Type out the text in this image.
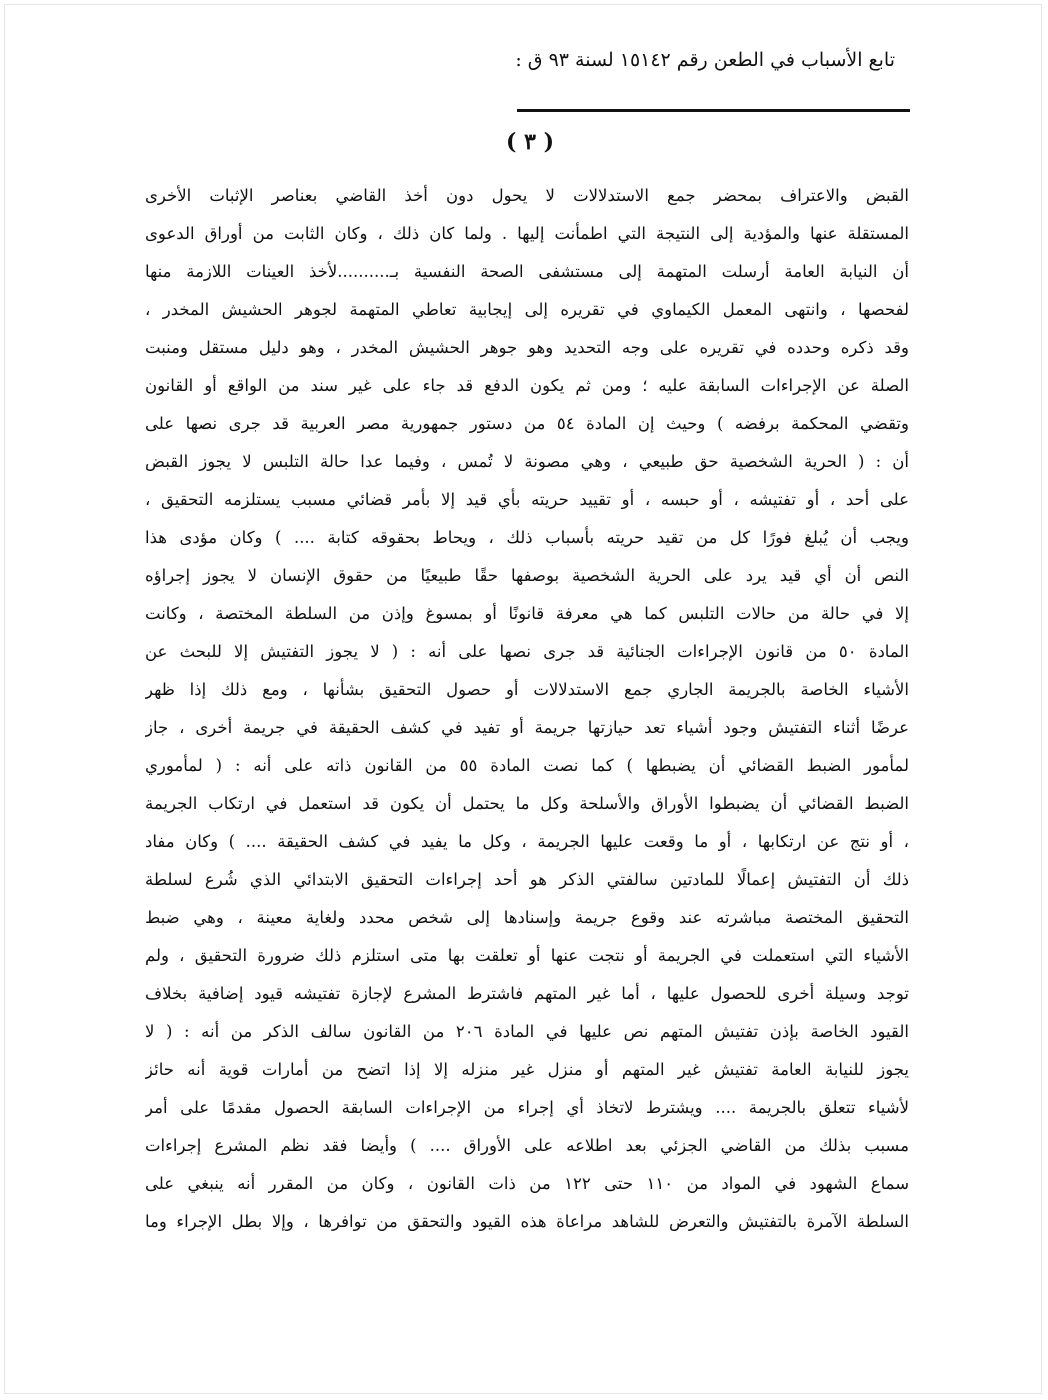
تابع الأسباب في الطعن رقم ١٥١٤٢ لسنة ٩٣ ق :
( ٣ )
القبض والاعتراف بمحضر جمع الاستدلالات لا يحول دون أخذ القاضي بعناصر الإثبات الأخرى
المستقلة عنها والمؤدية إلى النتيجة التي اطمأنت إليها . ولما كان ذلك ، وكان الثابت من أوراق الدعوى
أن النيابة العامة أرسلت المتهمة إلى مستشفى الصحة النفسية بـ..........لأخذ العينات اللازمة منها
لفحصها ، وانتهى المعمل الكيماوي في تقريره إلى إيجابية تعاطي المتهمة لجوهر الحشيش المخدر ،
وقد ذكره وحدده في تقريره على وجه التحديد وهو جوهر الحشيش المخدر ، وهو دليل مستقل ومنبت
الصلة عن الإجراءات السابقة عليه ؛ ومن ثم يكون الدفع قد جاء على غير سند من الواقع أو القانون
وتقضي المحكمة برفضه ) وحيث إن المادة ٥٤ من دستور جمهورية مصر العربية قد جرى نصها على
أن : ( الحرية الشخصية حق طبيعي ، وهي مصونة لا تُمس ، وفيما عدا حالة التلبس لا يجوز القبض
على أحد ، أو تفتيشه ، أو حبسه ، أو تقييد حريته بأي قيد إلا بأمر قضائي مسبب يستلزمه التحقيق ،
ويجب أن يُبلغ فورًا كل من تقيد حريته بأسباب ذلك ، ويحاط بحقوقه كتابة .... ) وكان مؤدى هذا
النص أن أي قيد يرد على الحرية الشخصية بوصفها حقًا طبيعيًا من حقوق الإنسان لا يجوز إجراؤه
إلا في حالة من حالات التلبس كما هي معرفة قانونًا أو بمسوغ وإذن من السلطة المختصة ، وكانت
المادة ٥٠ من قانون الإجراءات الجنائية قد جرى نصها على أنه : ( لا يجوز التفتيش إلا للبحث عن
الأشياء الخاصة بالجريمة الجاري جمع الاستدلالات أو حصول التحقيق بشأنها ، ومع ذلك إذا ظهر
عرضًا أثناء التفتيش وجود أشياء تعد حيازتها جريمة أو تفيد في كشف الحقيقة في جريمة أخرى ، جاز
لمأمور الضبط القضائي أن يضبطها ) كما نصت المادة ٥٥ من القانون ذاته على أنه : ( لمأموري
الضبط القضائي أن يضبطوا الأوراق والأسلحة وكل ما يحتمل أن يكون قد استعمل في ارتكاب الجريمة
، أو نتج عن ارتكابها ، أو ما وقعت عليها الجريمة ، وكل ما يفيد في كشف الحقيقة .... ) وكان مفاد
ذلك أن التفتيش إعمالًا للمادتين سالفتي الذكر هو أحد إجراءات التحقيق الابتدائي الذي شُرع لسلطة
التحقيق المختصة مباشرته عند وقوع جريمة وإسنادها إلى شخص محدد ولغاية معينة ، وهي ضبط
الأشياء التي استعملت في الجريمة أو نتجت عنها أو تعلقت بها متى استلزم ذلك ضرورة التحقيق ، ولم
توجد وسيلة أخرى للحصول عليها ، أما غير المتهم فاشترط المشرع لإجازة تفتيشه قيود إضافية بخلاف
القيود الخاصة بإذن تفتيش المتهم نص عليها في المادة ٢٠٦ من القانون سالف الذكر من أنه : ( لا
يجوز للنيابة العامة تفتيش غير المتهم أو منزل غير منزله إلا إذا اتضح من أمارات قوية أنه حائز
لأشياء تتعلق بالجريمة .... ويشترط لاتخاذ أي إجراء من الإجراءات السابقة الحصول مقدمًا على أمر
مسبب بذلك من القاضي الجزئي بعد اطلاعه على الأوراق .... ) وأيضا فقد نظم المشرع إجراءات
سماع الشهود في المواد من ١١٠ حتى ١٢٢ من ذات القانون ، وكان من المقرر أنه ينبغي على
السلطة الآمرة بالتفتيش والتعرض للشاهد مراعاة هذه القيود والتحقق من توافرها ، وإلا بطل الإجراء وما
